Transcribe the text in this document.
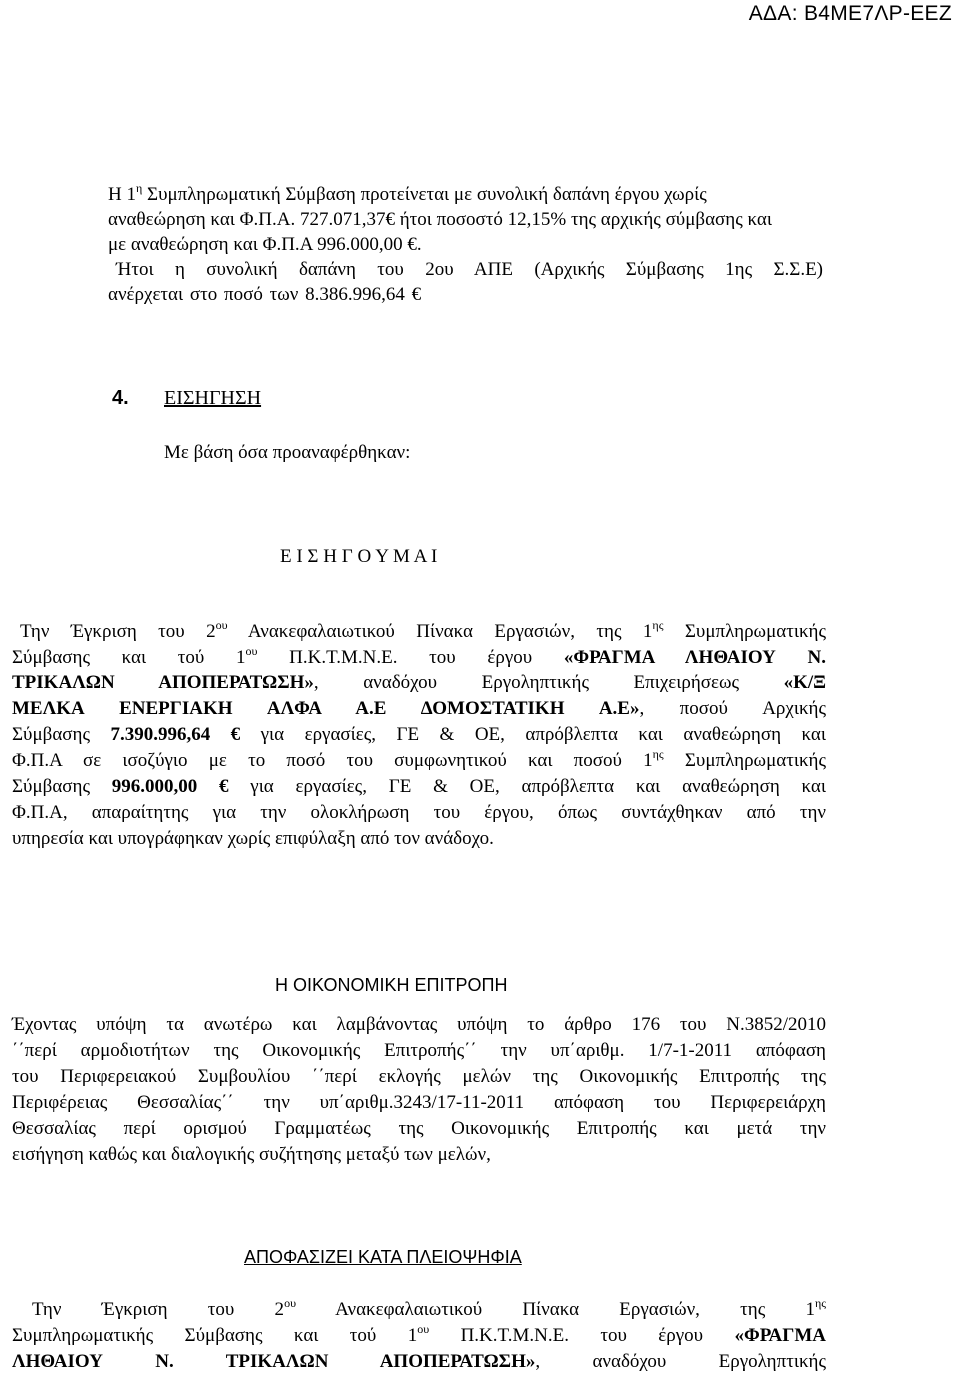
ΑΔΑ: Β4ΜΕ7ΛΡ-ΕΕΖ
Η $1^\eta$ Συμπληρωματική Σύμβαση προτείνεται με συνολική δαπάνη έργου χωρίς
αναθεώρηση και Φ.Π.Α. 727.071,37€ ήτοι ποσοστό 12,15% της αρχικής σύμβασης και
με αναθεώρηση και Φ.Π.Α 996.000,00 €.
Ήτοι η συνολική δαπάνη του 2ου ΑΠΕ (Αρχικής Σύμβασης 1ης Σ.Σ.Ε)
ανέρχεται στο ποσό των 8.386.996,64 €
4. ΕΙΣΗΓΗΣΗ
Με βάση όσα προαναφέρθηκαν:
Ε Ι Σ Η Γ Ο Υ Μ Α Ι
Την Έγκριση του $2^{o\upsilon}$ Ανακεφαλαιωτικού Πίνακα Εργασιών, της $1^{\eta\varsigma}$ Συμπληρωματικής
Σύμβασης και τού $1^{o\upsilon}$ Π.Κ.Τ.Μ.Ν.Ε. του έργου «ΦΡΑΓΜΑ ΛΗΘΑΙΟΥ Ν.
ΤΡΙΚΑΛΩΝ ΑΠΟΠΕΡΑΤΩΣΗ», αναδόχου Εργοληπτικής Επιχειρήσεως «Κ/Ξ
ΜΕΛΚΑ ΕΝΕΡΓΙΑΚΗ ΑΛΦΑ Α.Ε ΔΟΜΟΣΤΑΤΙΚΗ Α.Ε», ποσού Αρχικής
Σύμβασης 7.390.996,64 € για εργασίες, ΓΕ & ΟΕ, απρόβλεπτα και αναθεώρηση και
Φ.Π.Α σε ισοζύγιο με το ποσό του συμφωνητικού και ποσού $1^{\eta\varsigma}$ Συμπληρωματικής
Σύμβασης 996.000,00 € για εργασίες, ΓΕ & ΟΕ, απρόβλεπτα και αναθεώρηση και
Φ.Π.Α, απαραίτητης για την ολοκλήρωση του έργου, όπως συντάχθηκαν από την
υπηρεσία και υπογράφηκαν χωρίς επιφύλαξη από τον ανάδοχο.
Η ΟΙΚΟΝΟΜΙΚΗ ΕΠΙΤΡΟΠΗ
Έχοντας υπόψη τα ανωτέρω και λαμβάνοντας υπόψη το άρθρο 176 του Ν.3852/2010
΄΄περί αρμοδιοτήτων της Οικονομικής Επιτροπής΄΄ την υπ΄αριθμ. 1/7-1-2011 απόφαση
του Περιφερειακού Συμβουλίου ΄΄περί εκλογής μελών της Οικονομικής Επιτροπής της
Περιφέρειας Θεσσαλίας΄΄ την υπ΄αριθμ.3243/17-11-2011 απόφαση του Περιφερειάρχη
Θεσσαλίας περί ορισμού Γραμματέως της Οικονομικής Επιτροπής και μετά την
εισήγηση καθώς και διαλογικής συζήτησης μεταξύ των μελών,
ΑΠΟΦΑΣΙΖΕΙ ΚΑΤΑ ΠΛΕΙΟΨΗΦΙΑ
Την Έγκριση του $2^{o\upsilon}$ Ανακεφαλαιωτικού Πίνακα Εργασιών, της $1^{\eta\varsigma}$
Συμπληρωματικής Σύμβασης και τού $1^{o\upsilon}$ Π.Κ.Τ.Μ.Ν.Ε. του έργου «ΦΡΑΓΜΑ
ΛΗΘΑΙΟΥ Ν. ΤΡΙΚΑΛΩΝ ΑΠΟΠΕΡΑΤΩΣΗ», αναδόχου Εργοληπτικής
